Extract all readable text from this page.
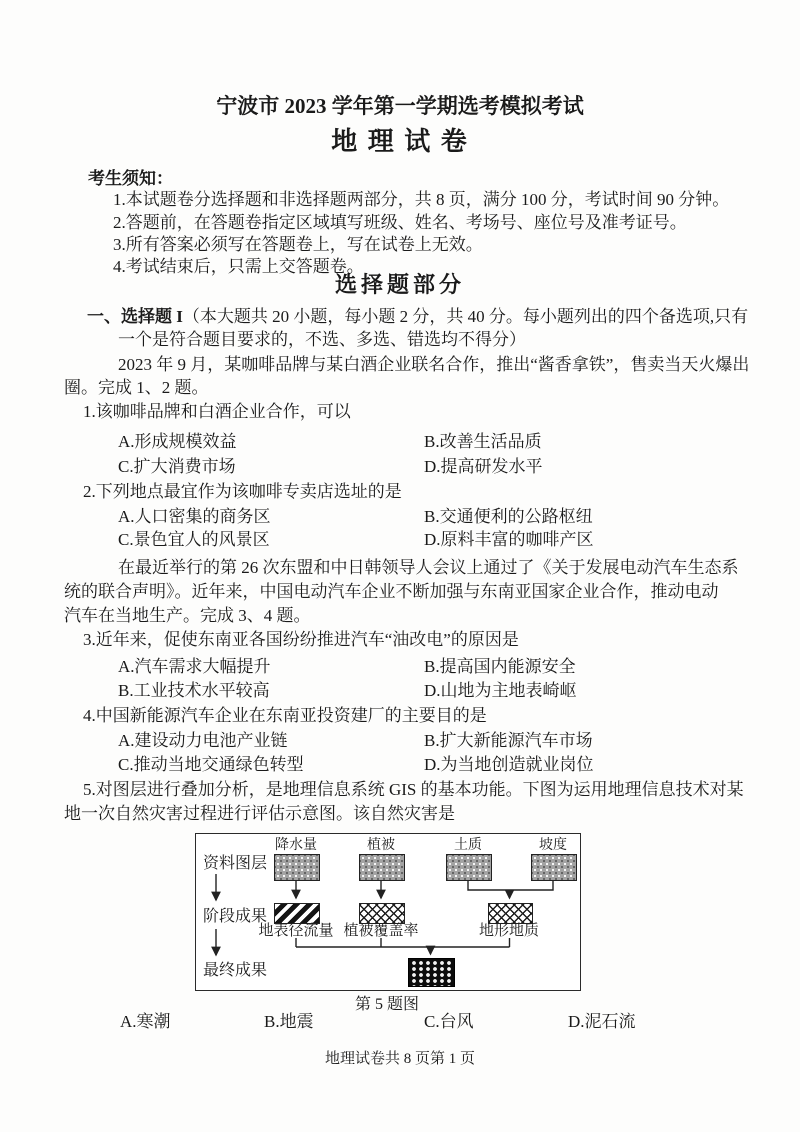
宁波市 2023 学年第一学期选考模拟考试
地 理 试 卷
考生须知：
1.本试题卷分选择题和非选择题两部分，共 8 页，满分 100 分，考试时间 90 分钟。
2.答题前，在答题卷指定区域填写班级、姓名、考场号、座位号及准考证号。
3.所有答案必须写在答题卷上，写在试卷上无效。
4.考试结束后，只需上交答题卷。
选择题部分
一、选择题 I（本大题共 20 小题，每小题 2 分，共 40 分。每小题列出的四个备选项,只有
一个是符合题目要求的，不选、多选、错选均不得分）
2023 年 9 月，某咖啡品牌与某白酒企业联名合作，推出“酱香拿铁”，售卖当天火爆出
圈。完成 1、2 题。
1.该咖啡品牌和白酒企业合作，可以
A.形成规模效益	B.改善生活品质
C.扩大消费市场	D.提高研发水平
2.下列地点最宜作为该咖啡专卖店选址的是
A.人口密集的商务区	B.交通便利的公路枢纽
C.景色宜人的风景区	D.原料丰富的咖啡产区
在最近举行的第 26 次东盟和中日韩领导人会议上通过了《关于发展电动汽车生态系
统的联合声明》。近年来，中国电动汽车企业不断加强与东南亚国家企业合作，推动电动
汽车在当地生产。完成 3、4 题。
3.近年来，促使东南亚各国纷纷推进汽车“油改电”的原因是
A.汽车需求大幅提升	B.提高国内能源安全
B.工业技术水平较高	D.山地为主地表崎岖
4.中国新能源汽车企业在东南亚投资建厂的主要目的是
A.建设动力电池产业链	B.扩大新能源汽车市场
C.推动当地交通绿色转型	D.为当地创造就业岗位
5.对图层进行叠加分析，是地理信息系统 GIS 的基本功能。下图为运用地理信息技术对某
地一次自然灾害过程进行评估示意图。该自然灾害是
资料图层
阶段成果
最终成果
降水量	植被	土质	坡度
地表径流量 植被覆盖率	地形地质
第 5 题图
A.寒潮	B.地震	C.台风	D.泥石流
地理试卷共 8 页第 1 页
